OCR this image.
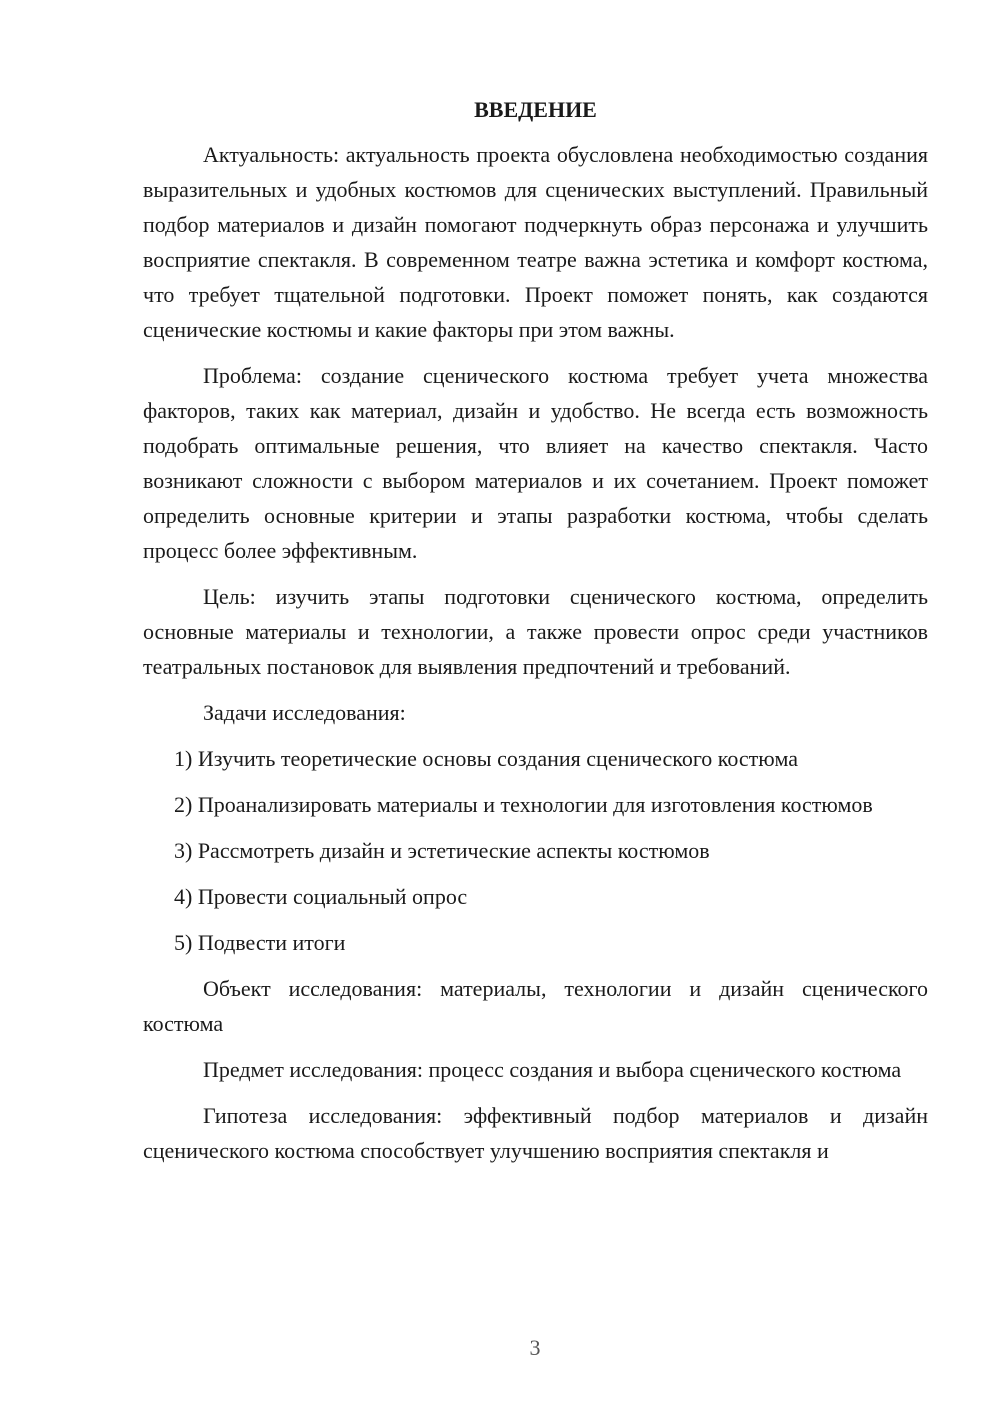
ВВЕДЕНИЕ

Актуальность: актуальность проекта обусловлена необходимостью создания выразительных и удобных костюмов для сценических выступлений. Правильный подбор материалов и дизайн помогают подчеркнуть образ персонажа и улучшить восприятие спектакля. В современном театре важна эстетика и комфорт костюма, что требует тщательной подготовки. Проект поможет понять, как создаются сценические костюмы и какие факторы при этом важны.

Проблема: создание сценического костюма требует учета множества факторов, таких как материал, дизайн и удобство. Не всегда есть возможность подобрать оптимальные решения, что влияет на качество спектакля. Часто возникают сложности с выбором материалов и их сочетанием. Проект поможет определить основные критерии и этапы разработки костюма, чтобы сделать процесс более эффективным.

Цель: изучить этапы подготовки сценического костюма, определить основные материалы и технологии, а также провести опрос среди участников театральных постановок для выявления предпочтений и требований.

Задачи исследования:

1) Изучить теоретические основы создания сценического костюма

2) Проанализировать материалы и технологии для изготовления костюмов

3) Рассмотреть дизайн и эстетические аспекты костюмов

4) Провести социальный опрос

5) Подвести итоги

Объект исследования: материалы, технологии и дизайн сценического костюма

Предмет исследования: процесс создания и выбора сценического костюма

Гипотеза исследования: эффективный подбор материалов и дизайн сценического костюма способствует улучшению восприятия спектакля и

3
